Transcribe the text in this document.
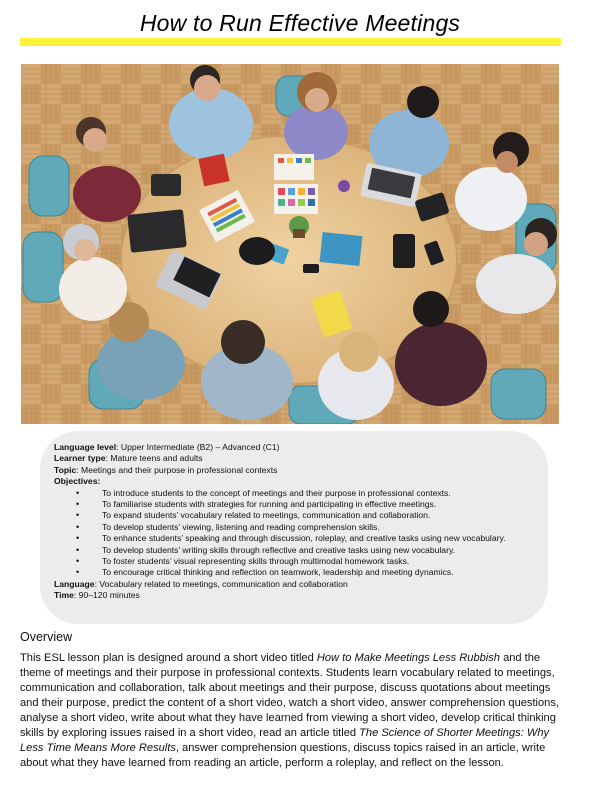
How to Run Effective Meetings
Language level: Upper Intermediate (B2) – Advanced (C1)
Learner type: Mature teens and adults
Topic: Meetings and their purpose in professional contexts
Objectives:
• To introduce students to the concept of meetings and their purpose in professional contexts.
• To familiarise students with strategies for running and participating in effective meetings.
• To expand students’ vocabulary related to meetings, communication and collaboration.
• To develop students’ viewing, listening and reading comprehension skills.
• To enhance students’ speaking and through discussion, roleplay, and creative tasks using new vocabulary.
• To develop students’ writing skills through reflective and creative tasks using new vocabulary.
• To foster students’ visual representing skills through multimodal homework tasks.
• To encourage critical thinking and reflection on teamwork, leadership and meeting dynamics.
Language: Vocabulary related to meetings, communication and collaboration
Time: 90–120 minutes
Overview
This ESL lesson plan is designed around a short video titled How to Make Meetings Less Rubbish and the theme of meetings and their purpose in professional contexts. Students learn vocabulary related to meetings, communication and collaboration, talk about meetings and their purpose, discuss quotations about meetings and their purpose, predict the content of a short video, watch a short video, answer comprehension questions, analyse a short video, write about what they have learned from viewing a short video, develop critical thinking skills by exploring issues raised in a short video, read an article titled The Science of Shorter Meetings: Why Less Time Means More Results, answer comprehension questions, discuss topics raised in an article, write about what they have learned from reading an article, perform a roleplay, and reflect on the lesson.
